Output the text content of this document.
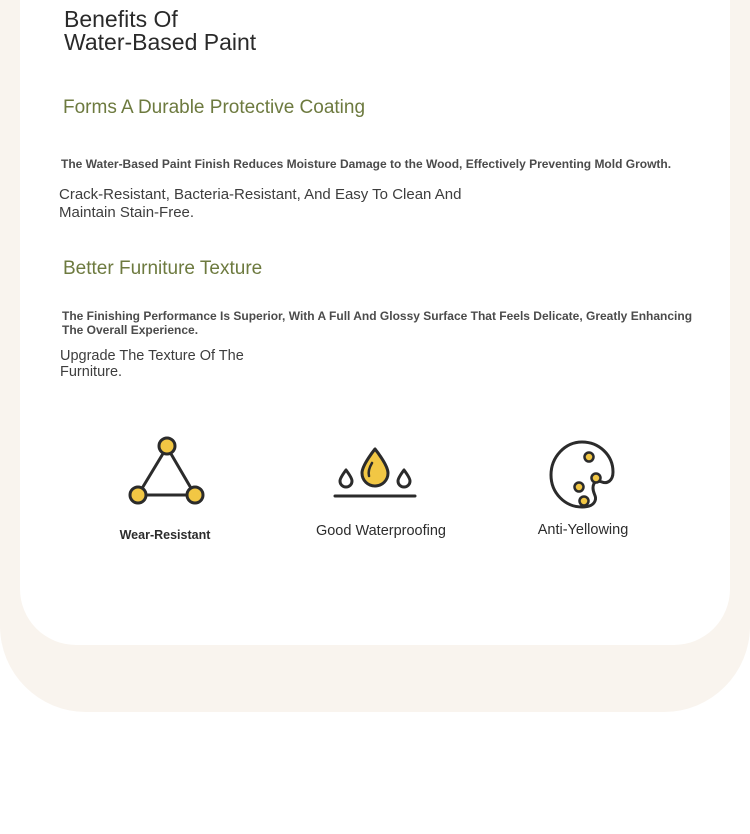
Benefits Of
Water-Based Paint
Forms A Durable Protective Coating

The Water-Based Paint Finish Reduces Moisture Damage to the Wood, Effectively Preventing Mold Growth.

Crack-Resistant, Bacteria-Resistant, And Easy To Clean And Maintain Stain-Free.

Better Furniture Texture

The Finishing Performance Is Superior, With A Full And Glossy Surface That Feels Delicate, Greatly Enhancing The Overall Experience.

Upgrade The Texture Of The Furniture.

Wear-Resistant	Good Waterproofing	Anti-Yellowing
